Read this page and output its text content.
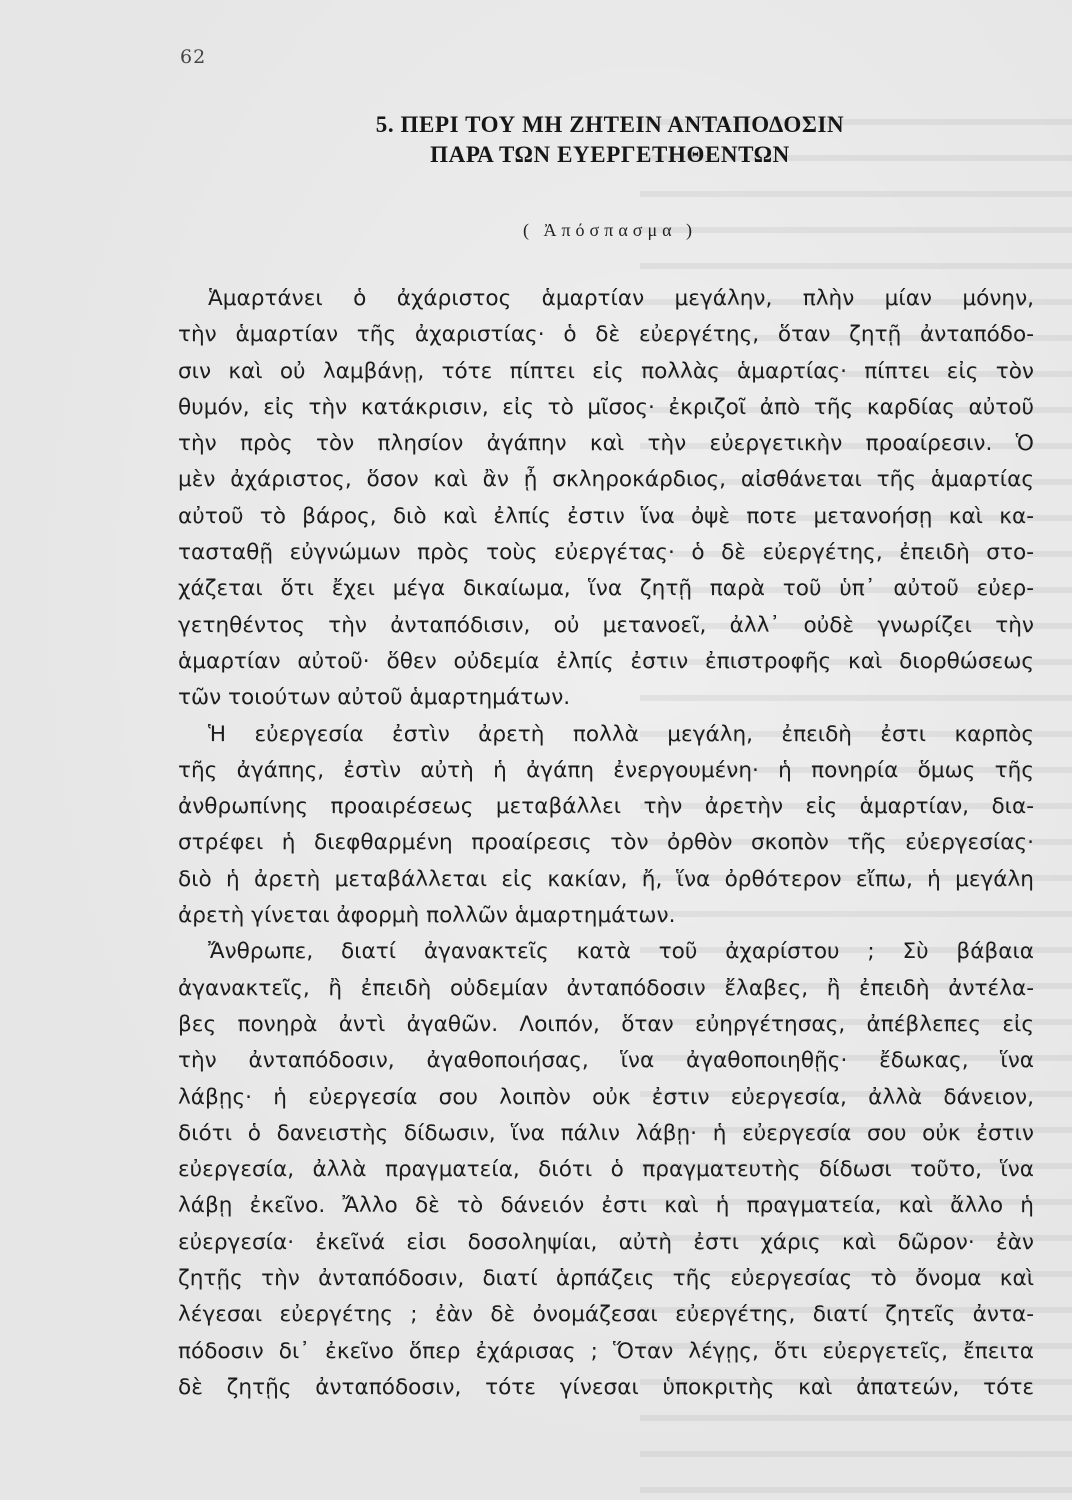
62
5. ΠΕΡΙ ΤΟΥ ΜΗ ΖΗΤΕΙΝ ΑΝΤΑΠΟΔΟΣΙΝ
ΠΑΡΑ ΤΩΝ ΕΥΕΡΓΕΤΗΘΕΝΤΩΝ
( Ἀπόσπασμα )
Ἁμαρτάνει ὁ ἀχάριστος ἁμαρτίαν μεγάλην, πλὴν μίαν μόνην,
τὴν ἁμαρτίαν τῆς ἀχαριστίας· ὁ δὲ εὐεργέτης, ὅταν ζητῇ ἀνταπόδο-
σιν καὶ οὐ λαμβάνῃ, τότε πίπτει εἰς πολλὰς ἁμαρτίας· πίπτει εἰς τὸν
θυμόν, εἰς τὴν κατάκρισιν, εἰς τὸ μῖσος· ἐκριζοῖ ἀπὸ τῆς καρδίας αὐτοῦ
τὴν πρὸς τὸν πλησίον ἀγάπην καὶ τὴν εὐεργετικὴν προαίρεσιν. Ὁ
μὲν ἀχάριστος, ὅσον καὶ ἂν ᾖ σκληροκάρδιος, αἰσθάνεται τῆς ἁμαρτίας
αὐτοῦ τὸ βάρος, διὸ καὶ ἐλπίς ἐστιν ἵνα ὀψὲ ποτε μετανοήσῃ καὶ κα-
τασταθῇ εὐγνώμων πρὸς τοὺς εὐεργέτας· ὁ δὲ εὐεργέτης, ἐπειδὴ στο-
χάζεται ὅτι ἔχει μέγα δικαίωμα, ἵνα ζητῇ παρὰ τοῦ ὑπ᾽ αὐτοῦ εὐερ-
γετηθέντος τὴν ἀνταπόδισιν, οὐ μετανοεῖ, ἀλλ᾽ οὐδὲ γνωρίζει τὴν
ἁμαρτίαν αὐτοῦ· ὅθεν οὐδεμία ἐλπίς ἐστιν ἐπιστροφῆς καὶ διορθώσεως
τῶν τοιούτων αὐτοῦ ἁμαρτημάτων.
Ἡ εὐεργεσία ἐστὶν ἀρετὴ πολλὰ μεγάλη, ἐπειδὴ ἐστι καρπὸς
τῆς ἀγάπης, ἐστὶν αὐτὴ ἡ ἀγάπη ἐνεργουμένη· ἡ πονηρία ὅμως τῆς
ἀνθρωπίνης προαιρέσεως μεταβάλλει τὴν ἀρετὴν εἰς ἁμαρτίαν, δια-
στρέφει ἡ διεφθαρμένη προαίρεσις τὸν ὀρθὸν σκοπὸν τῆς εὐεργεσίας·
διὸ ἡ ἀρετὴ μεταβάλλεται εἰς κακίαν, ἤ, ἵνα ὀρθότερον εἴπω, ἡ μεγάλη
ἀρετὴ γίνεται ἀφορμὴ πολλῶν ἁμαρτημάτων.
Ἄνθρωπε, διατί ἀγανακτεῖς κατὰ τοῦ ἀχαρίστου ; Σὺ βάβαια
ἀγανακτεῖς, ἢ ἐπειδὴ οὐδεμίαν ἀνταπόδοσιν ἔλαβες, ἢ ἐπειδὴ ἀντέλα-
βες πονηρὰ ἀντὶ ἀγαθῶν. Λοιπόν, ὅταν εὐηργέτησας, ἀπέβλεπες εἰς
τὴν ἀνταπόδοσιν, ἀγαθοποιήσας, ἵνα ἀγαθοποιηθῇς· ἔδωκας, ἵνα
λάβῃς· ἡ εὐεργεσία σου λοιπὸν οὐκ ἐστιν εὐεργεσία, ἀλλὰ δάνειον,
διότι ὁ δανειστὴς δίδωσιν, ἵνα πάλιν λάβῃ· ἡ εὐεργεσία σου οὐκ ἐστιν
εὐεργεσία, ἀλλὰ πραγματεία, διότι ὁ πραγματευτὴς δίδωσι τοῦτο, ἵνα
λάβῃ ἐκεῖνο. Ἄλλο δὲ τὸ δάνειόν ἐστι καὶ ἡ πραγματεία, καὶ ἄλλο ἡ
εὐεργεσία· ἐκεῖνά εἰσι δοσοληψίαι, αὐτὴ ἐστι χάρις καὶ δῶρον· ἐὰν
ζητῇς τὴν ἀνταπόδοσιν, διατί ἁρπάζεις τῆς εὐεργεσίας τὸ ὄνομα καὶ
λέγεσαι εὐεργέτης ; ἐὰν δὲ ὀνομάζεσαι εὐεργέτης, διατί ζητεῖς ἀντα-
πόδοσιν δι᾽ ἐκεῖνο ὅπερ ἐχάρισας ; Ὅταν λέγῃς, ὅτι εὐεργετεῖς, ἔπειτα
δὲ ζητῇς ἀνταπόδοσιν, τότε γίνεσαι ὑποκριτὴς καὶ ἀπατεών, τότε
